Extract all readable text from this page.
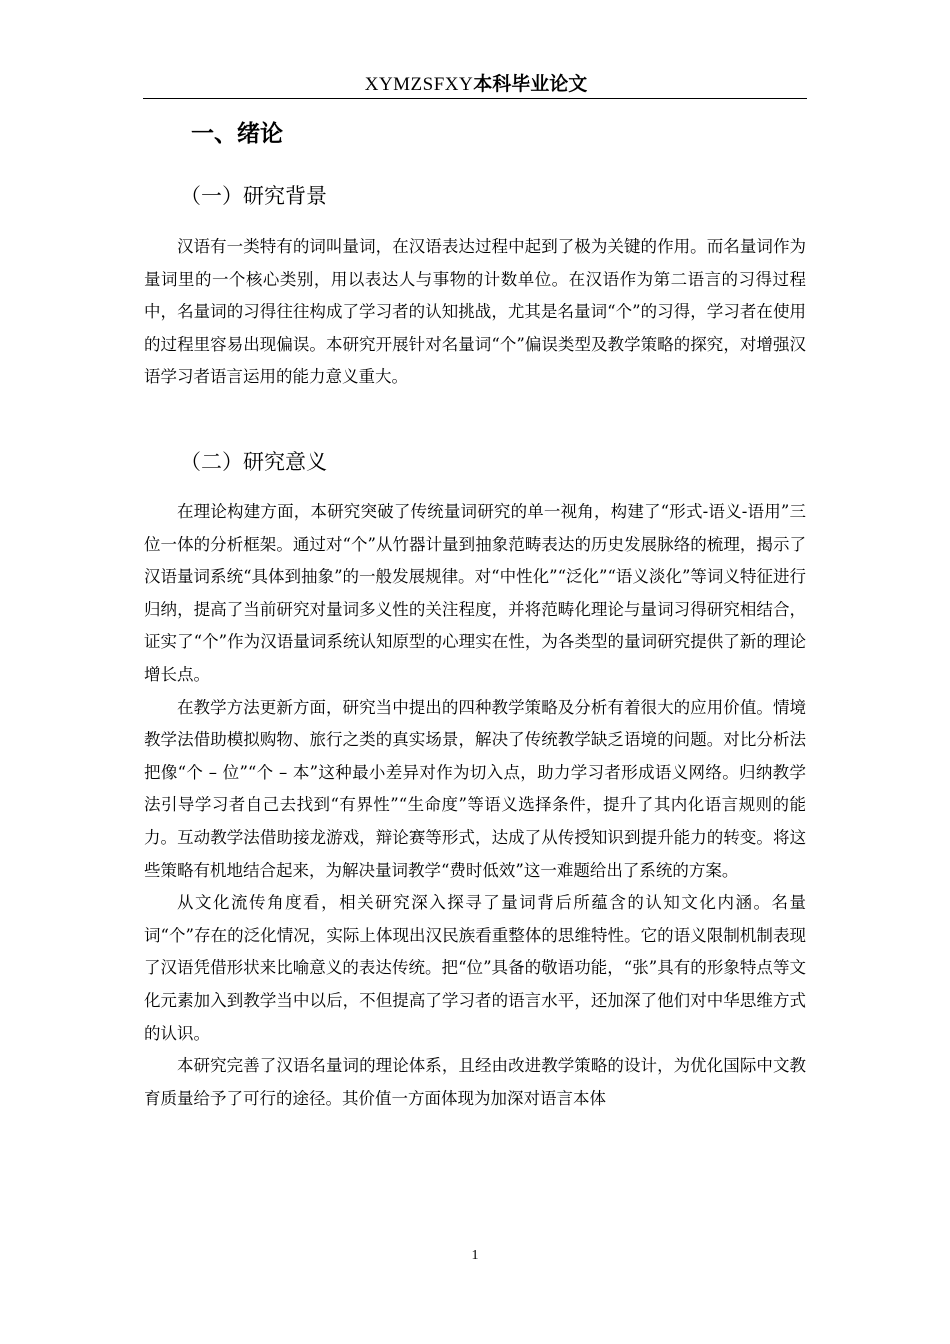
XYMZSFXY本科毕业论文
一、绪论
（一）研究背景

汉语有一类特有的词叫量词，在汉语表达过程中起到了极为关键的作用。而名量词作为量词里的一个核心类别，用以表达人与事物的计数单位。在汉语作为第二语言的习得过程中，名量词的习得往往构成了学习者的认知挑战，尤其是名量词“个”的习得，学习者在使用的过程里容易出现偏误。本研究开展针对名量词“个”偏误类型及教学策略的探究，对增强汉语学习者语言运用的能力意义重大。

（二）研究意义

在理论构建方面，本研究突破了传统量词研究的单一视角，构建了“形式-语义-语用”三位一体的分析框架。通过对“个”从竹器计量到抽象范畴表达的历史发展脉络的梳理，揭示了汉语量词系统“具体到抽象”的一般发展规律。对“中性化”“泛化”“语义淡化”等词义特征进行归纳，提高了当前研究对量词多义性的关注程度，并将范畴化理论与量词习得研究相结合，证实了“个”作为汉语量词系统认知原型的心理实在性，为各类型的量词研究提供了新的理论增长点。

在教学方法更新方面，研究当中提出的四种教学策略及分析有着很大的应用价值。情境教学法借助模拟购物、旅行之类的真实场景，解决了传统教学缺乏语境的问题。对比分析法把像“个 – 位”“个 – 本”这种最小差异对作为切入点，助力学习者形成语义网络。归纳教学法引导学习者自己去找到“有界性”“生命度”等语义选择条件，提升了其内化语言规则的能力。互动教学法借助接龙游戏，辩论赛等形式，达成了从传授知识到提升能力的转变。将这些策略有机地结合起来，为解决量词教学“费时低效”这一难题给出了系统的方案。

从文化流传角度看，相关研究深入探寻了量词背后所蕴含的认知文化内涵。名量词“个”存在的泛化情况，实际上体现出汉民族看重整体的思维特性。它的语义限制机制表现了汉语凭借形状来比喻意义的表达传统。把“位”具备的敬语功能，“张”具有的形象特点等文化元素加入到教学当中以后，不但提高了学习者的语言水平，还加深了他们对中华思维方式的认识。

本研究完善了汉语名量词的理论体系，且经由改进教学策略的设计，为优化国际中文教育质量给予了可行的途径。其价值一方面体现为加深对语言本体

1
